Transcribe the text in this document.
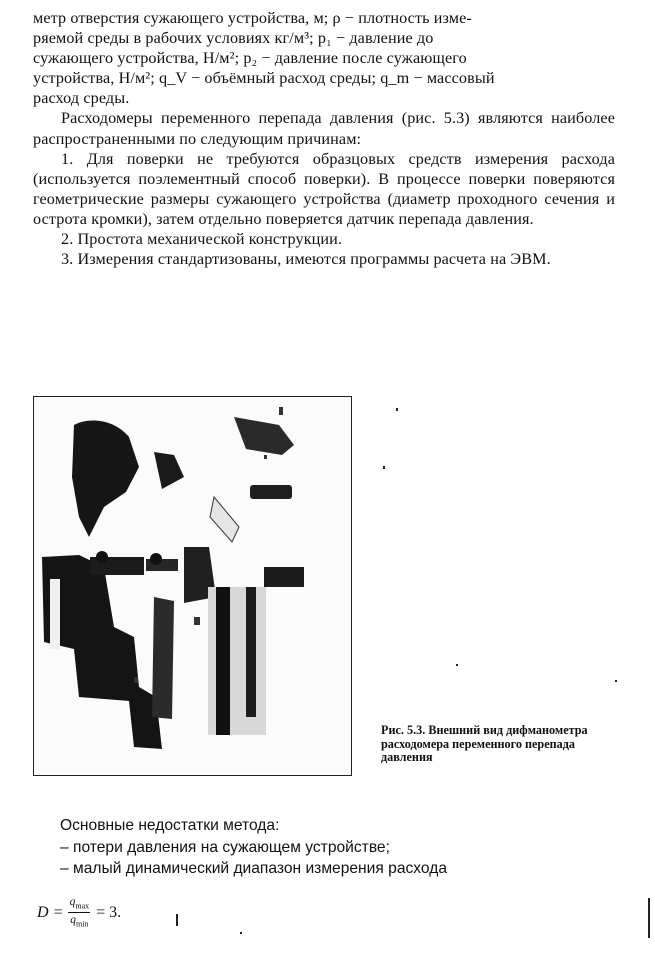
метр отверстия сужающего устройства, м; ρ − плотность изме-
ряемой среды в рабочих условиях кг/м³; p₁ − давление до
сужающего устройства, Н/м²; p₂ − давление после сужающего
устройства, Н/м²; q_V − объёмный расход среды; q_m − массовый
расход среды.

Расходомеры переменного перепада давления (рис. 5.3) являются наиболее распространенными по следующим причинам:

1. Для поверки не требуются образцовых средств измерения расхода (используется поэлементный способ поверки). В процессе поверки поверяются геометрические размеры сужающего устройства (диаметр проходного сечения и острота кромки), затем отдельно поверяется датчик перепада давления.

2. Простота механической конструкции.

3. Измерения стандартизованы, имеются программы расчета на ЭВМ.

Рис. 5.3. Внешний вид дифманометра расходомера переменного перепада давления

Основные недостатки метода:

– потери давления на сужающем устройстве;

– малый динамический диапазон измерения расхода

$D = \frac{q_{max}}{q_{min}} = 3$.
